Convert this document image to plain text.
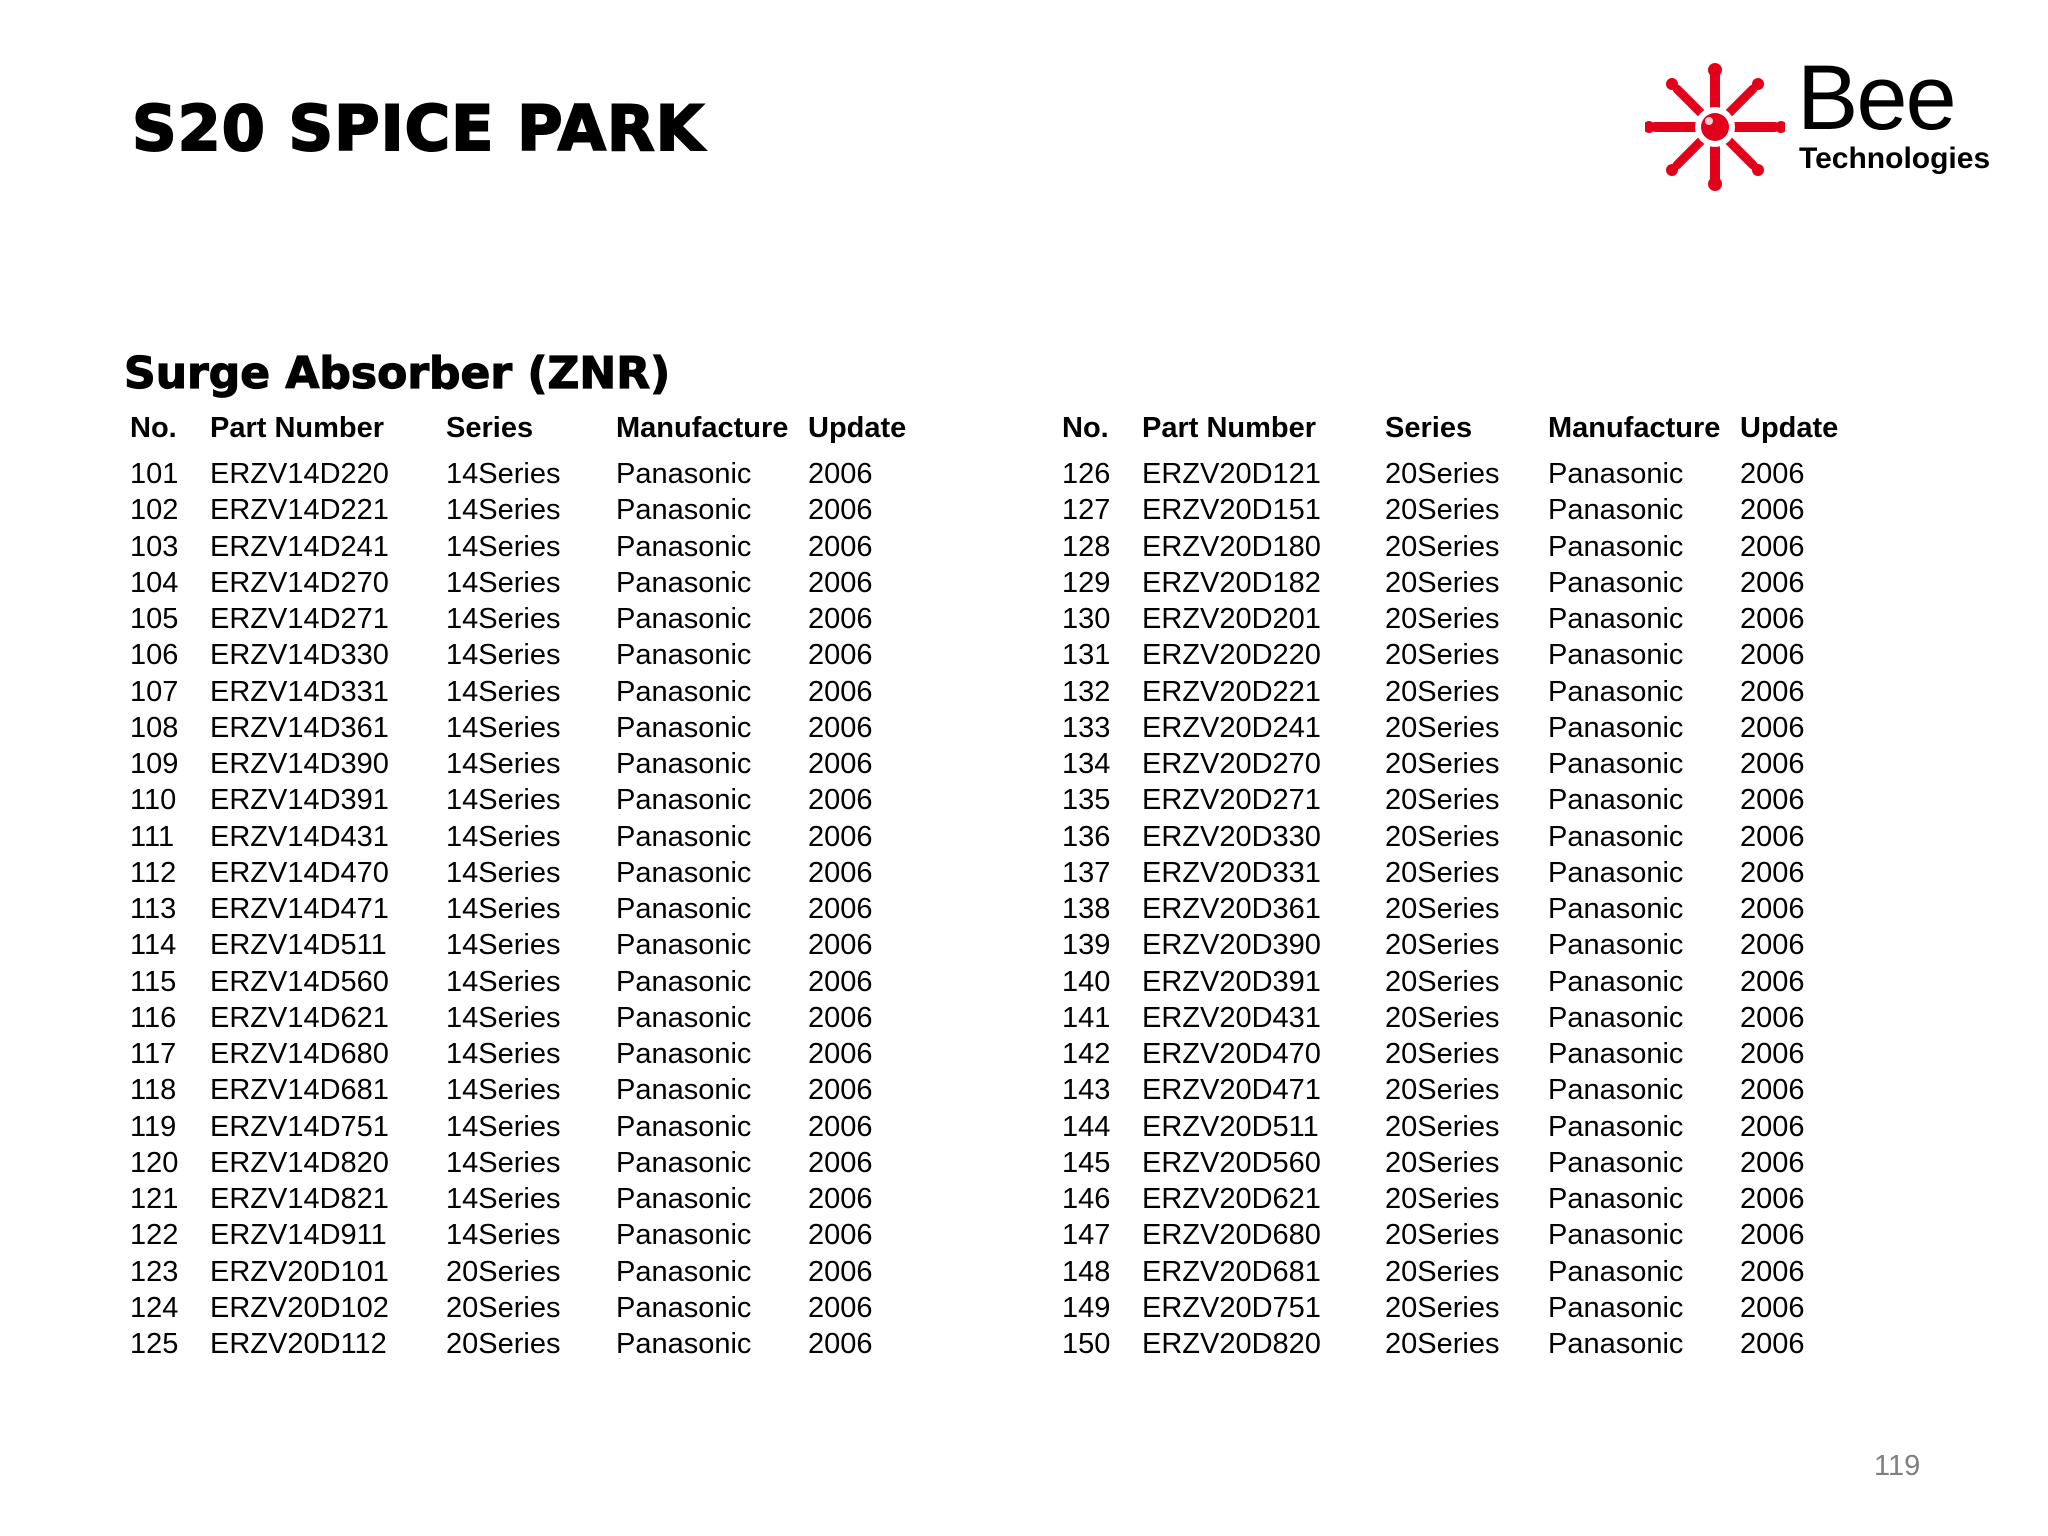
S20 SPICE PARK	Bee
Technologies
Surge Absorber (ZNR)
No.	Part Number	Series	Manufacture	Update
101	ERZV14D220	14Series	Panasonic	2006
102	ERZV14D221	14Series	Panasonic	2006
103	ERZV14D241	14Series	Panasonic	2006
104	ERZV14D270	14Series	Panasonic	2006
105	ERZV14D271	14Series	Panasonic	2006
106	ERZV14D330	14Series	Panasonic	2006
107	ERZV14D331	14Series	Panasonic	2006
108	ERZV14D361	14Series	Panasonic	2006
109	ERZV14D390	14Series	Panasonic	2006
110	ERZV14D391	14Series	Panasonic	2006
111	ERZV14D431	14Series	Panasonic	2006
112	ERZV14D470	14Series	Panasonic	2006
113	ERZV14D471	14Series	Panasonic	2006
114	ERZV14D511	14Series	Panasonic	2006
115	ERZV14D560	14Series	Panasonic	2006
116	ERZV14D621	14Series	Panasonic	2006
117	ERZV14D680	14Series	Panasonic	2006
118	ERZV14D681	14Series	Panasonic	2006
119	ERZV14D751	14Series	Panasonic	2006
120	ERZV14D820	14Series	Panasonic	2006
121	ERZV14D821	14Series	Panasonic	2006
122	ERZV14D911	14Series	Panasonic	2006
123	ERZV20D101	20Series	Panasonic	2006
124	ERZV20D102	20Series	Panasonic	2006
125	ERZV20D112	20Series	Panasonic	2006
No.	Part Number	Series	Manufacture	Update
126	ERZV20D121	20Series	Panasonic	2006
127	ERZV20D151	20Series	Panasonic	2006
128	ERZV20D180	20Series	Panasonic	2006
129	ERZV20D182	20Series	Panasonic	2006
130	ERZV20D201	20Series	Panasonic	2006
131	ERZV20D220	20Series	Panasonic	2006
132	ERZV20D221	20Series	Panasonic	2006
133	ERZV20D241	20Series	Panasonic	2006
134	ERZV20D270	20Series	Panasonic	2006
135	ERZV20D271	20Series	Panasonic	2006
136	ERZV20D330	20Series	Panasonic	2006
137	ERZV20D331	20Series	Panasonic	2006
138	ERZV20D361	20Series	Panasonic	2006
139	ERZV20D390	20Series	Panasonic	2006
140	ERZV20D391	20Series	Panasonic	2006
141	ERZV20D431	20Series	Panasonic	2006
142	ERZV20D470	20Series	Panasonic	2006
143	ERZV20D471	20Series	Panasonic	2006
144	ERZV20D511	20Series	Panasonic	2006
145	ERZV20D560	20Series	Panasonic	2006
146	ERZV20D621	20Series	Panasonic	2006
147	ERZV20D680	20Series	Panasonic	2006
148	ERZV20D681	20Series	Panasonic	2006
149	ERZV20D751	20Series	Panasonic	2006
150	ERZV20D820	20Series	Panasonic	2006
119
